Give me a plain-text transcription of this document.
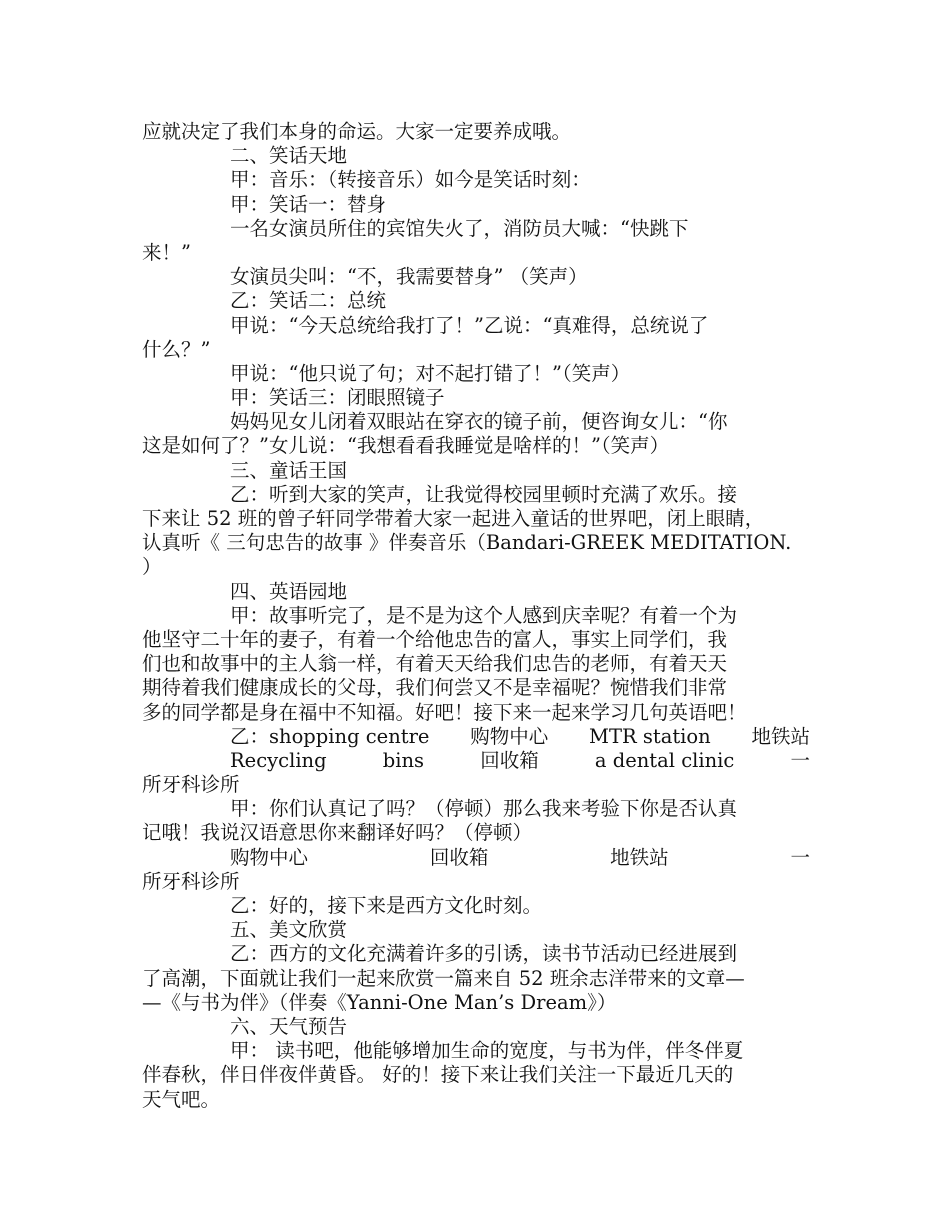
应就决定了我们本身的命运。大家一定要养成哦。
二、笑话天地
甲：音乐：（转接音乐）如今是笑话时刻：
甲：笑话一：替身
一名女演员所住的宾馆失火了，消防员大喊：“快跳下
来！”
女演员尖叫：“不，我需要替身” （笑声）
乙：笑话二：总统
甲说：“今天总统给我打了！”乙说：“真难得，总统说了
什么？”
甲说：“他只说了句；对不起打错了！”（笑声）
甲：笑话三：闭眼照镜子
妈妈见女儿闭着双眼站在穿衣的镜子前，便咨询女儿：“你
这是如何了？”女儿说：“我想看看我睡觉是啥样的！”（笑声）
三、童话王国
乙：听到大家的笑声，让我觉得校园里顿时充满了欢乐。接
下来让 52 班的曾子轩同学带着大家一起进入童话的世界吧，闭上眼睛，
认真听《 三句忠告的故事 》伴奏音乐（Bandari-GREEK MEDITATION.
）
四、英语园地
甲：故事听完了，是不是为这个人感到庆幸呢？有着一个为
他坚守二十年的妻子，有着一个给他忠告的富人，事实上同学们，我
们也和故事中的主人翁一样，有着天天给我们忠告的老师，有着天天
期待着我们健康成长的父母，我们何尝又不是幸福呢？惋惜我们非常
多的同学都是身在福中不知福。好吧！接下来一起来学习几句英语吧！
乙：shopping centre 购物中心 MTR station 地铁站
Recycling	bins	回收箱	a dental clinic	一
所牙科诊所
甲：你们认真记了吗？（停顿）那么我来考验下你是否认真
记哦！我说汉语意思你来翻译好吗？（停顿）
购物中心	回收箱	地铁站	一
所牙科诊所
乙：好的，接下来是西方文化时刻。
五、美文欣赏
乙：西方的文化充满着许多的引诱，读书节活动已经进展到
了高潮，下面就让我们一起来欣赏一篇来自 52 班余志洋带来的文章—
—《与书为伴》（伴奏《Yanni-One Man’s Dream》）
六、天气预告
甲： 读书吧，他能够增加生命的宽度，与书为伴，伴冬伴夏
伴春秋，伴日伴夜伴黄昏。 好的！接下来让我们关注一下最近几天的
天气吧。
